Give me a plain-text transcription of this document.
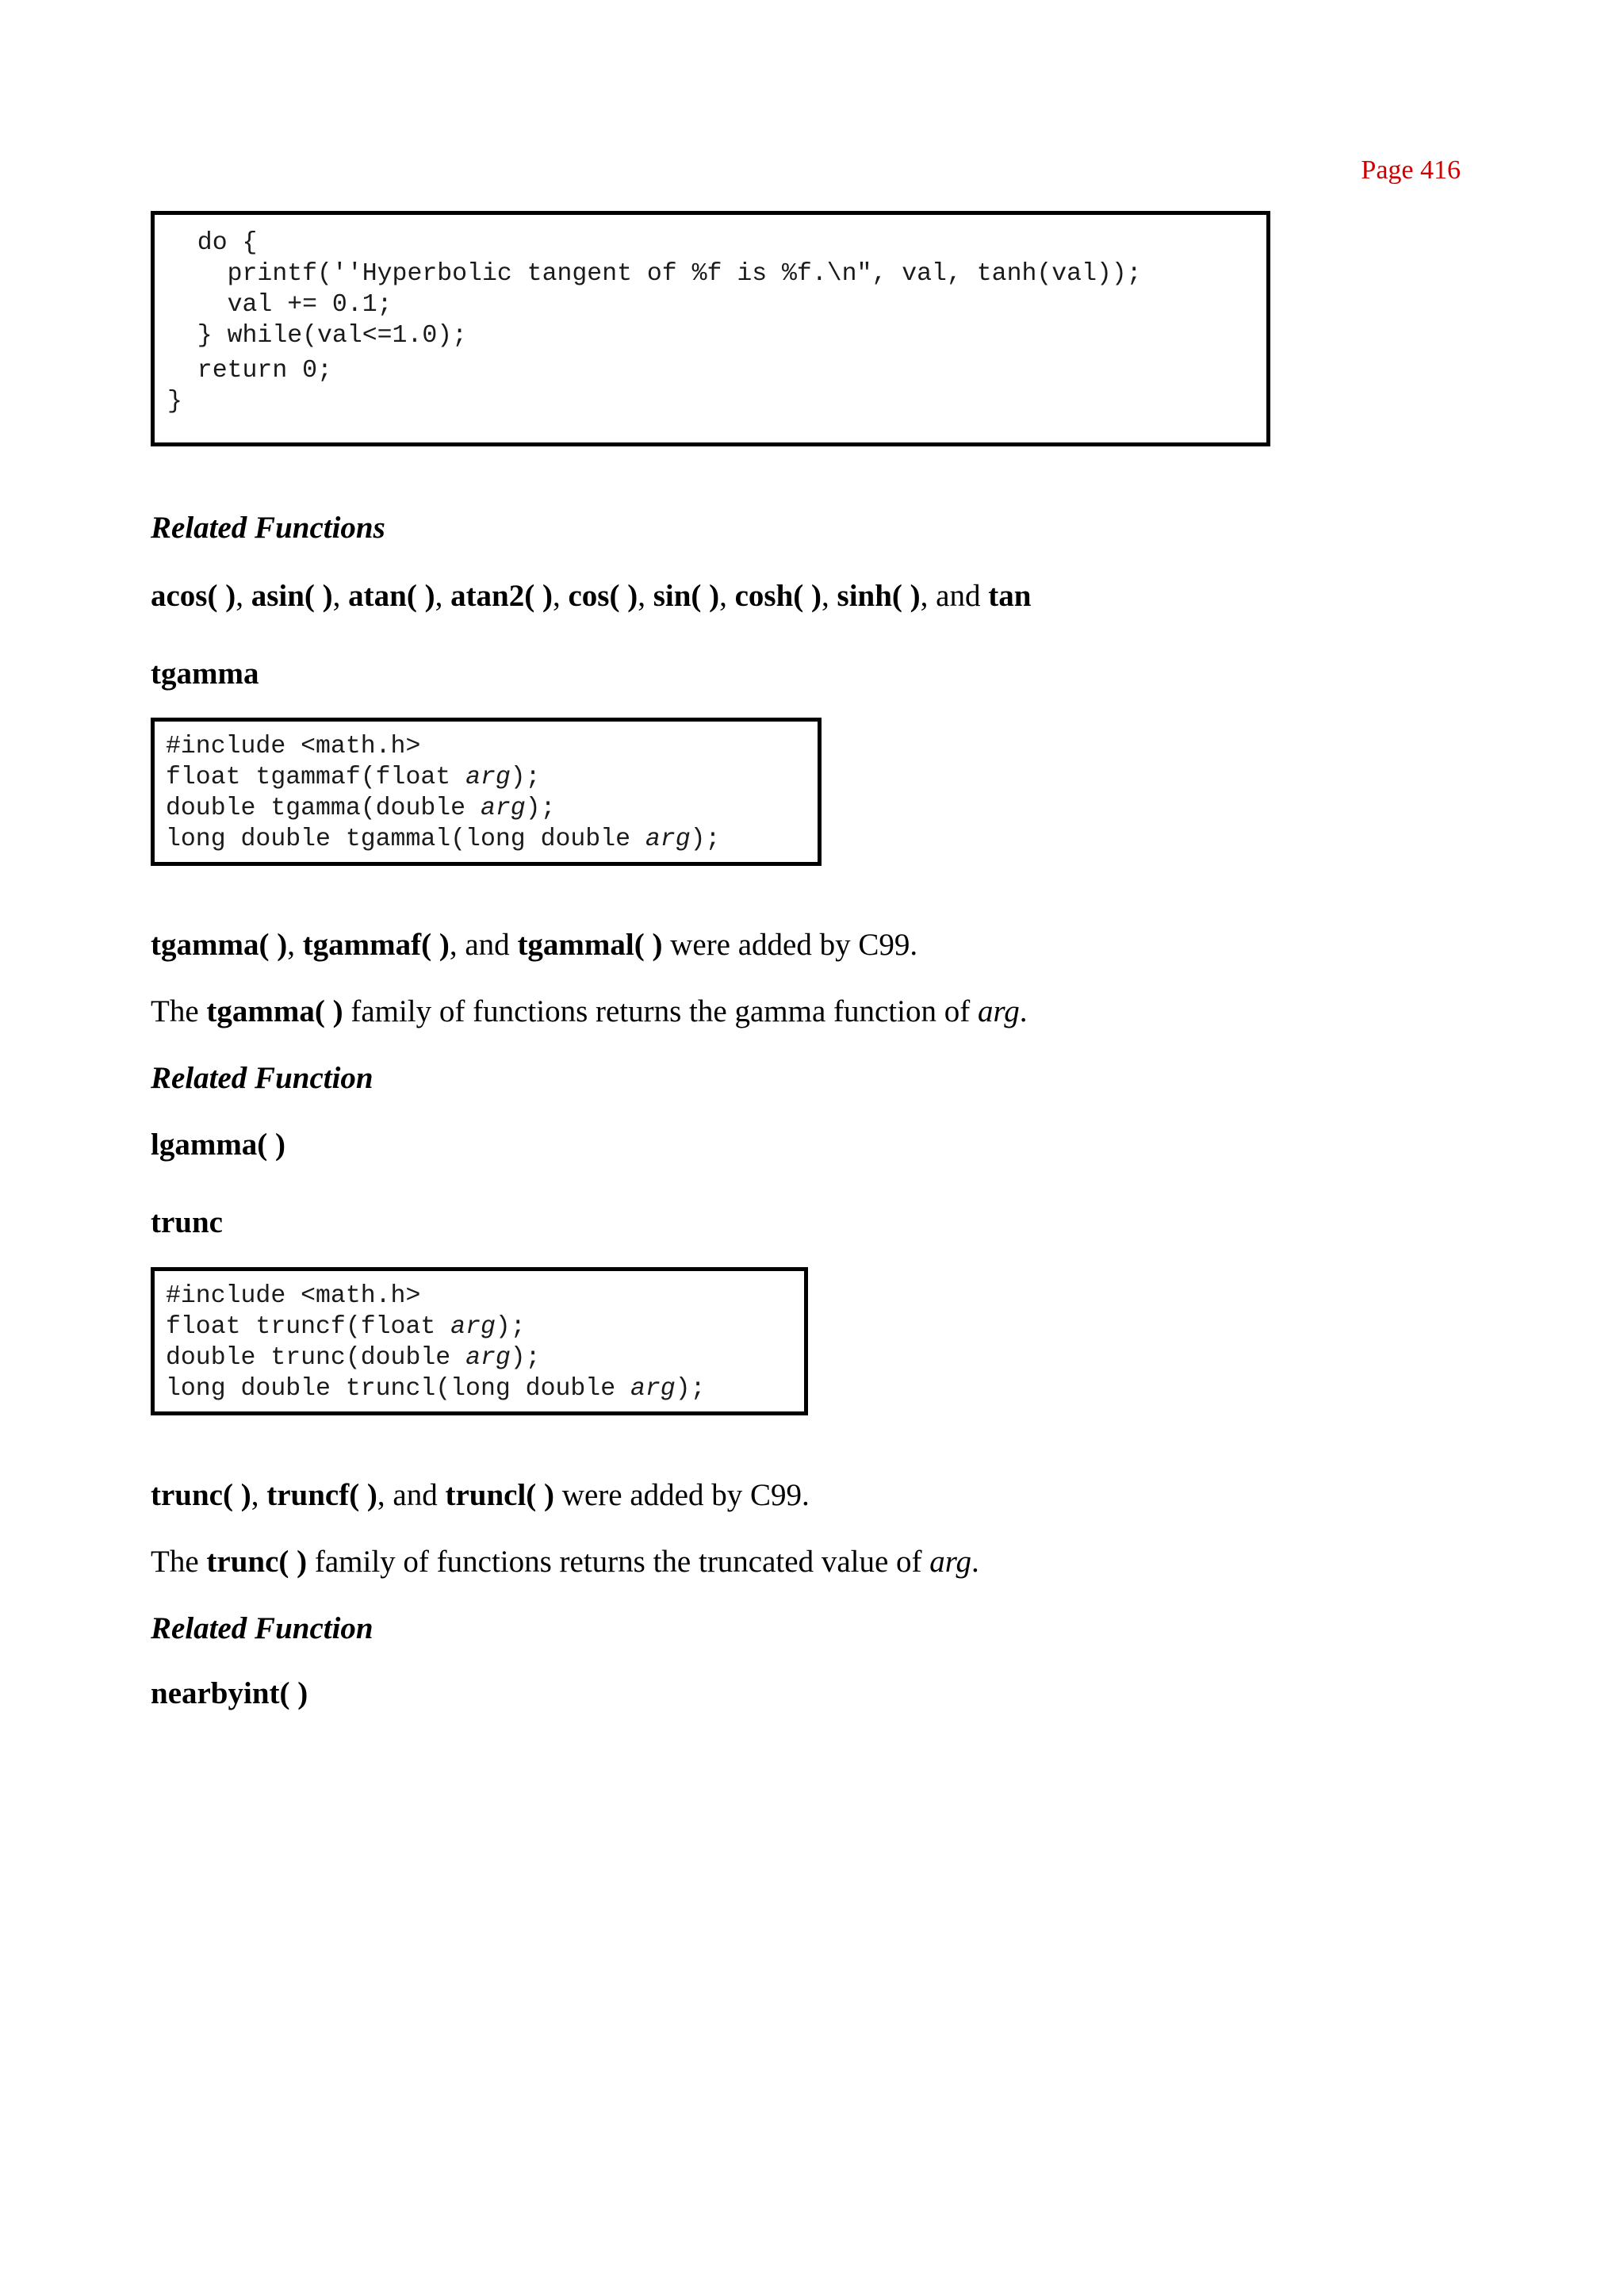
Page 416
do {
printf(''Hyperbolic tangent of %f is %f.\n", val, tanh(val));
val += 0.1;
} while(val<=1.0);
return 0;
}
Related Functions
acos( ), asin( ), atan( ), atan2( ), cos( ), sin( ), cosh( ), sinh( ), and tan
tgamma
#include <math.h>
float tgammaf(float arg);
double tgamma(double arg);
long double tgammal(long double arg);
tgamma( ), tgammaf( ), and tgammal( ) were added by C99.
The tgamma( ) family of functions returns the gamma function of arg.
Related Function
lgamma( )
trunc
#include <math.h>
float truncf(float arg);
double trunc(double arg);
long double truncl(long double arg);
trunc( ), truncf( ), and truncl( ) were added by C99.
The trunc( ) family of functions returns the truncated value of arg.
Related Function
nearbyint( )
